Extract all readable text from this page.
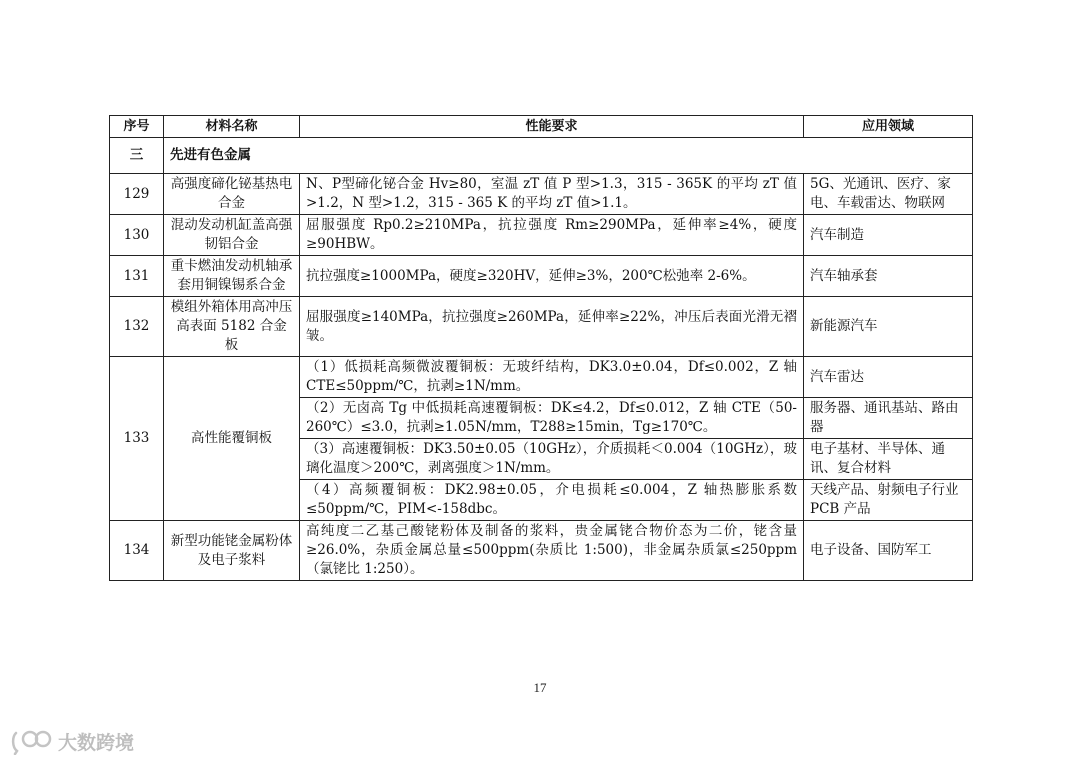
序号	材料名称	性能要求	应用领域
三	先进有色金属		
129	高强度碲化铋基热电合金	N、P型碲化铋合金 Hv≥80，室温 zT 值 P 型>1.3，315 - 365K 的平均 zT 值>1.2，N 型>1.2，315 - 365 K 的平均 zT 值>1.1。	5G、光通讯、医疗、家电、车载雷达、物联网
130	混动发动机缸盖高强韧铝合金	屈服强度 Rp0.2≥210MPa，抗拉强度 Rm≥290MPa，延伸率≥4%，硬度≥90HBW。	汽车制造
131	重卡燃油发动机轴承套用铜镍锡系合金	抗拉强度≥1000MPa，硬度≥320HV，延伸≥3%，200℃松弛率 2-6%。	汽车轴承套
132	模组外箱体用高冲压高表面 5182 合金板	屈服强度≥140MPa，抗拉强度≥260MPa，延伸率≥22%，冲压后表面光滑无褶皱。	新能源汽车
133	高性能覆铜板	（1）低损耗高频微波覆铜板：无玻纤结构，DK3.0±0.04，Df≤0.002，Z 轴 CTE≤50ppm/℃，抗剥≥1N/mm。	汽车雷达
		（2）无卤高 Tg 中低损耗高速覆铜板：DK≤4.2，Df≤0.012，Z 轴 CTE（50-260℃）≤3.0，抗剥≥1.05N/mm，T288≥15min，Tg≥170℃。	服务器、通讯基站、路由器
		（3）高速覆铜板：DK3.50±0.05（10GHz），介质损耗＜0.004（10GHz），玻璃化温度＞200℃，剥离强度＞1N/mm。	电子基材、半导体、通讯、复合材料
		（4）高频覆铜板：DK2.98±0.05，介电损耗≤0.004，Z 轴热膨胀系数≤50ppm/℃，PIM<-158dbc。	天线产品、射频电子行业 PCB 产品
134	新型功能铑金属粉体及电子浆料	高纯度二乙基己酸铑粉体及制备的浆料，贵金属铑合物价态为二价，铑含量≥26.0%，杂质金属总量≤500ppm(杂质比 1:500)，非金属杂质氯≤250ppm（氯铑比 1:250）。	电子设备、国防军工
17
大数跨境
